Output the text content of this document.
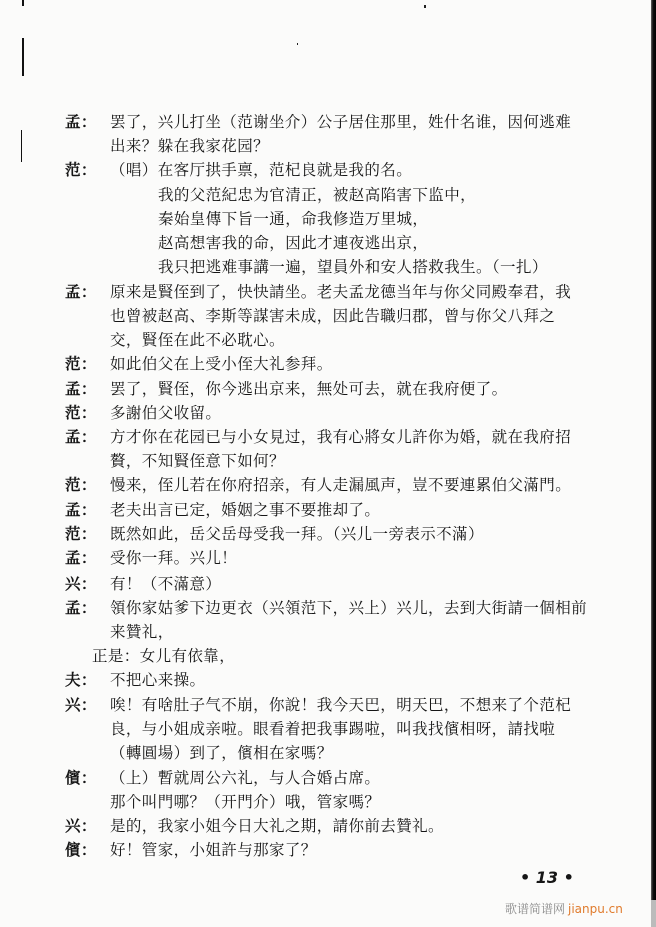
孟： 罢了，兴儿打坐（范谢坐介）公子居住那里，姓什名谁，因何逃难
出来？躲在我家花园？
范： （唱）在客厅拱手禀，范杞良就是我的名。
我的父范紀忠为官清正，被赵高陷害下监中，
秦始皇傳下旨一通，命我修造万里城，
赵高想害我的命，因此才連夜逃出京，
我只把逃难事講一遍，望員外和安人搭救我生。（一扎）
孟： 原来是賢侄到了，快快請坐。老夫孟龙德当年与你父同殿奉君，我
也曾被赵高、李斯等謀害未成，因此告職归郡，曾与你父八拜之
交，賢侄在此不必耽心。
范： 如此伯父在上受小侄大礼参拜。
孟： 罢了，賢侄，你今逃出京来，無处可去，就在我府便了。
范： 多謝伯父收留。
孟： 方才你在花园已与小女見过，我有心將女儿許你为婚，就在我府招
贅，不知賢侄意下如何？
范： 慢来，侄儿若在你府招亲，有人走漏風声，豈不要連累伯父滿門。
孟： 老夫出言已定，婚姻之事不要推却了。
范： 既然如此，岳父岳母受我一拜。（兴儿一旁表示不滿）
孟： 受你一拜。兴儿！
兴： 有！（不滿意）
孟： 領你家姑爹下边更衣（兴領范下，兴上）兴儿，去到大街請一個相前
来贊礼，
正是：女儿有依靠，
夫： 不把心来操。
兴： 唉！有啥肚子气不崩，你說！我今天巴，明天巴，不想来了个范杞
良，与小姐成亲啦。眼看着把我事踢啦，叫我找儐相呀，請找啦
（轉圓場）到了，儐相在家嗎？
儐： （上）暫就周公六礼，与人合婚占席。
那个叫門哪？（开門介）哦，管家嗎？
兴： 是的，我家小姐今日大礼之期，請你前去贊礼。
儐： 好！管家，小姐許与那家了？
• 13 •
歌谱简谱网 jianpu.cn
